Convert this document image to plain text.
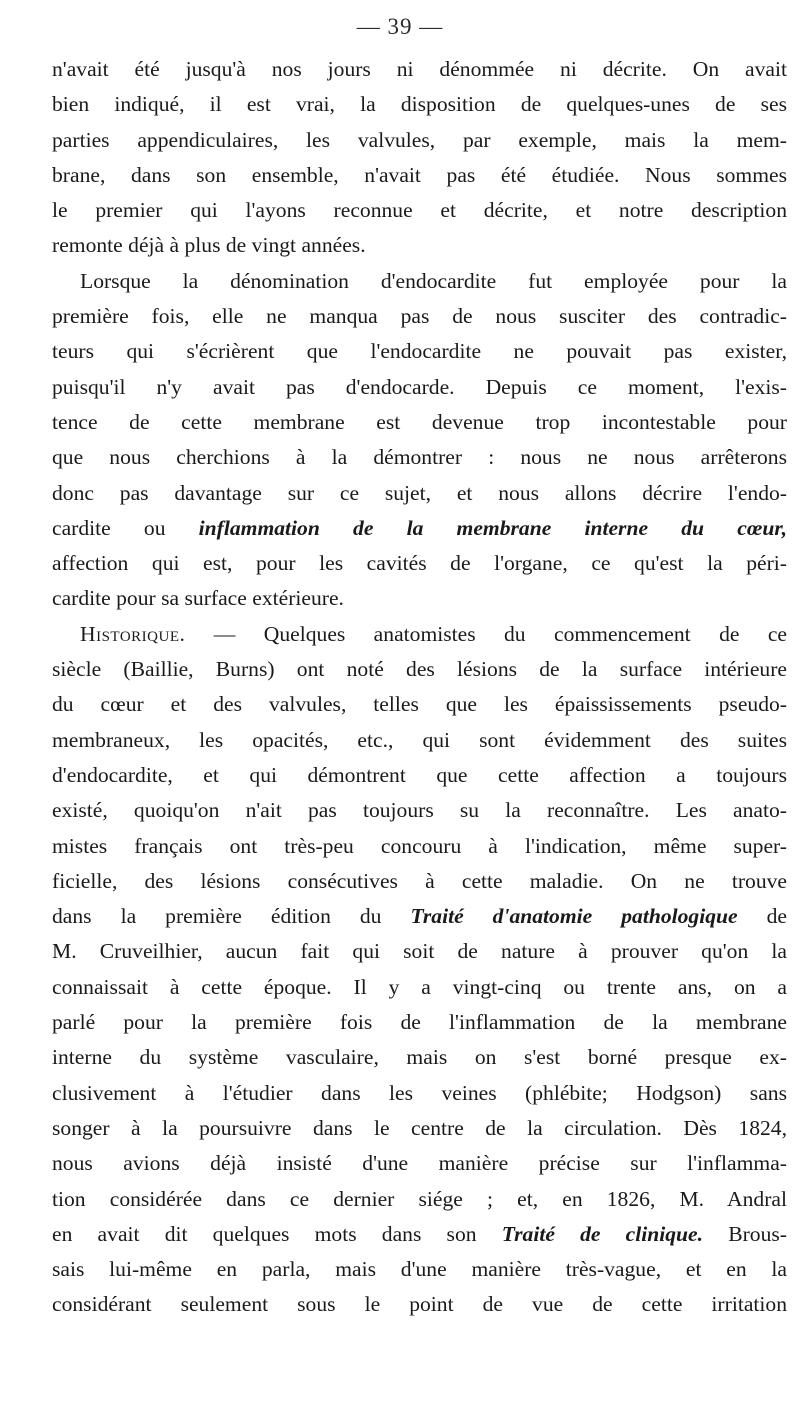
— 39 —
n'avait été jusqu'à nos jours ni dénommée ni décrite. On avait
bien indiqué, il est vrai, la disposition de quelques-unes de ses
parties appendiculaires, les valvules, par exemple, mais la mem-
brane, dans son ensemble, n'avait pas été étudiée. Nous sommes
le premier qui l'ayons reconnue et décrite, et notre description
remonte déjà à plus de vingt années.
Lorsque la dénomination d'endocardite fut employée pour la
première fois, elle ne manqua pas de nous susciter des contradic-
teurs qui s'écrièrent que l'endocardite ne pouvait pas exister,
puisqu'il n'y avait pas d'endocarde. Depuis ce moment, l'exis-
tence de cette membrane est devenue trop incontestable pour
que nous cherchions à la démontrer : nous ne nous arrêterons
donc pas davantage sur ce sujet, et nous allons décrire l'endo-
cardite ou inflammation de la membrane interne du cœur,
affection qui est, pour les cavités de l'organe, ce qu'est la péri-
cardite pour sa surface extérieure.
Historique. — Quelques anatomistes du commencement de ce
siècle (Baillie, Burns) ont noté des lésions de la surface intérieure
du cœur et des valvules, telles que les épaississements pseudo-
membraneux, les opacités, etc., qui sont évidemment des suites
d'endocardite, et qui démontrent que cette affection a toujours
existé, quoiqu'on n'ait pas toujours su la reconnaître. Les anato-
mistes français ont très-peu concouru à l'indication, même super-
ficielle, des lésions consécutives à cette maladie. On ne trouve
dans la première édition du Traité d'anatomie pathologique de
M. Cruveilhier, aucun fait qui soit de nature à prouver qu'on la
connaissait à cette époque. Il y a vingt-cinq ou trente ans, on a
parlé pour la première fois de l'inflammation de la membrane
interne du système vasculaire, mais on s'est borné presque ex-
clusivement à l'étudier dans les veines (phlébite; Hodgson) sans
songer à la poursuivre dans le centre de la circulation. Dès 1824,
nous avions déjà insisté d'une manière précise sur l'inflamma-
tion considérée dans ce dernier siége ; et, en 1826, M. Andral
en avait dit quelques mots dans son Traité de clinique. Brous-
sais lui-même en parla, mais d'une manière très-vague, et en la
considérant seulement sous le point de vue de cette irritation
